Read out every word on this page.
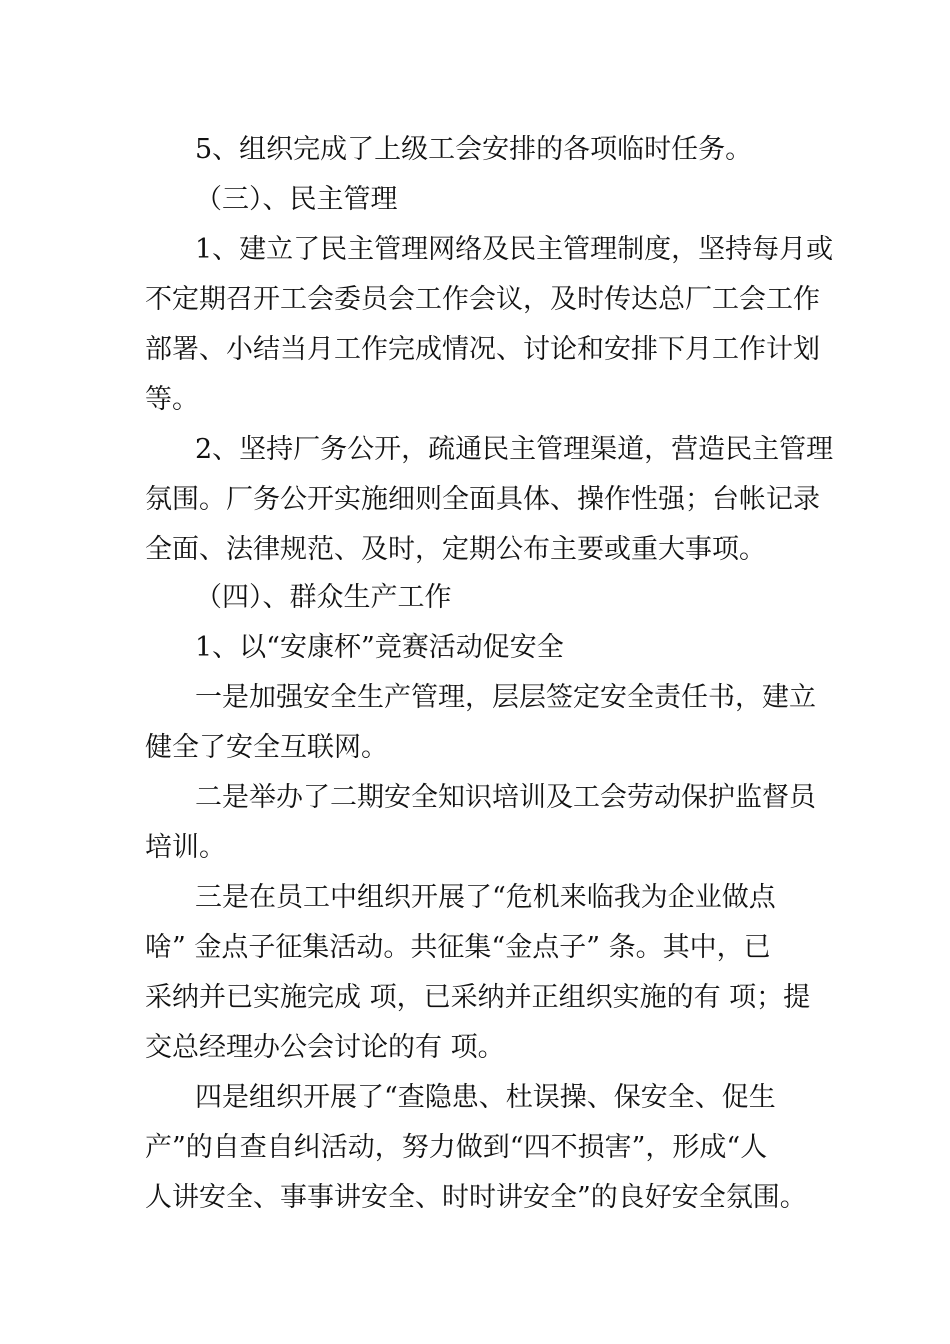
5、组织完成了上级工会安排的各项临时任务。
（三）、民主管理
1、建立了民主管理网络及民主管理制度，坚持每月或
不定期召开工会委员会工作会议，及时传达总厂工会工作
部署、小结当月工作完成情况、讨论和安排下月工作计划
等。
2、坚持厂务公开，疏通民主管理渠道，营造民主管理
氛围。厂务公开实施细则全面具体、操作性强；台帐记录
全面、法律规范、及时，定期公布主要或重大事项。
（四）、群众生产工作
1、以“安康杯”竞赛活动促安全
一是加强安全生产管理，层层签定安全责任书，建立
健全了安全互联网。
二是举办了二期安全知识培训及工会劳动保护监督员
培训。
三是在员工中组织开展了“危机来临我为企业做点
啥” 金点子征集活动。共征集“金点子” 条。其中，已
采纳并已实施完成 项，已采纳并正组织实施的有 项；提
交总经理办公会讨论的有 项。
四是组织开展了“查隐患、杜误操、保安全、促生
产”的自查自纠活动，努力做到“四不损害”，形成“人
人讲安全、事事讲安全、时时讲安全”的良好安全氛围。
